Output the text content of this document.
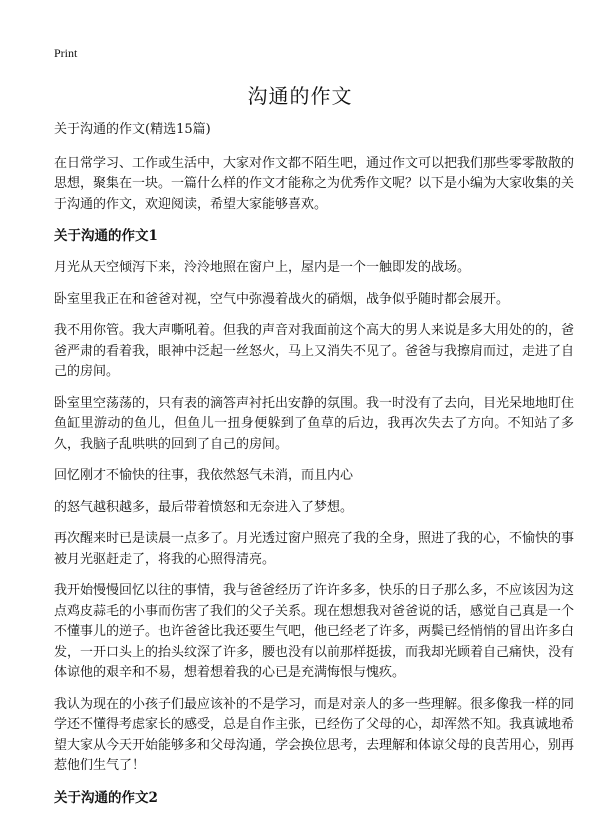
Print
沟通的作文

关于沟通的作文(精选15篇)

在日常学习、工作或生活中，大家对作文都不陌生吧，通过作文可以把我们那些零零散散的思想，聚集在一块。一篇什么样的作文才能称之为优秀作文呢？以下是小编为大家收集的关于沟通的作文，欢迎阅读，希望大家能够喜欢。

关于沟通的作文1

月光从天空倾泻下来，泠泠地照在窗户上，屋内是一个一触即发的战场。

卧室里我正在和爸爸对视，空气中弥漫着战火的硝烟，战争似乎随时都会展开。

我不用你管。我大声嘶吼着。但我的声音对我面前这个高大的男人来说是多大用处的的，爸爸严肃的看着我，眼神中泛起一丝怒火，马上又消失不见了。爸爸与我擦肩而过，走进了自己的房间。

卧室里空荡荡的，只有表的滴答声衬托出安静的氛围。我一时没有了去向，目光呆地地盯住鱼缸里游动的鱼儿，但鱼儿一扭身便躲到了鱼草的后边，我再次失去了方向。不知站了多久，我脑子乱哄哄的回到了自己的房间。

回忆刚才不愉快的往事，我依然怒气未消，而且内心

的怒气越积越多，最后带着愤怒和无奈进入了梦想。

再次醒来时已是读晨一点多了。月光透过窗户照亮了我的全身，照进了我的心，不愉快的事被月光驱赶走了，将我的心照得清亮。

我开始慢慢回忆以往的事情，我与爸爸经历了许许多多，快乐的日子那么多，不应该因为这点鸡皮蒜毛的小事而伤害了我们的父子关系。现在想想我对爸爸说的话，感觉自己真是一个不懂事儿的逆子。也许爸爸比我还要生气吧，他已经老了许多，两鬓已经悄悄的冒出许多白发，一开口头上的抬头纹深了许多，腰也没有以前那样挺拔，而我却光顾着自己痛快，没有体谅他的艰辛和不易，想着想着我的心已是充满悔恨与愧疚。

我认为现在的小孩子们最应该补的不是学习，而是对亲人的多一些理解。很多像我一样的同学还不懂得考虑家长的感受，总是自作主张，已经伤了父母的心，却浑然不知。我真诚地希望大家从今天开始能够多和父母沟通，学会换位思考，去理解和体谅父母的良苦用心，别再惹他们生气了！

关于沟通的作文2
